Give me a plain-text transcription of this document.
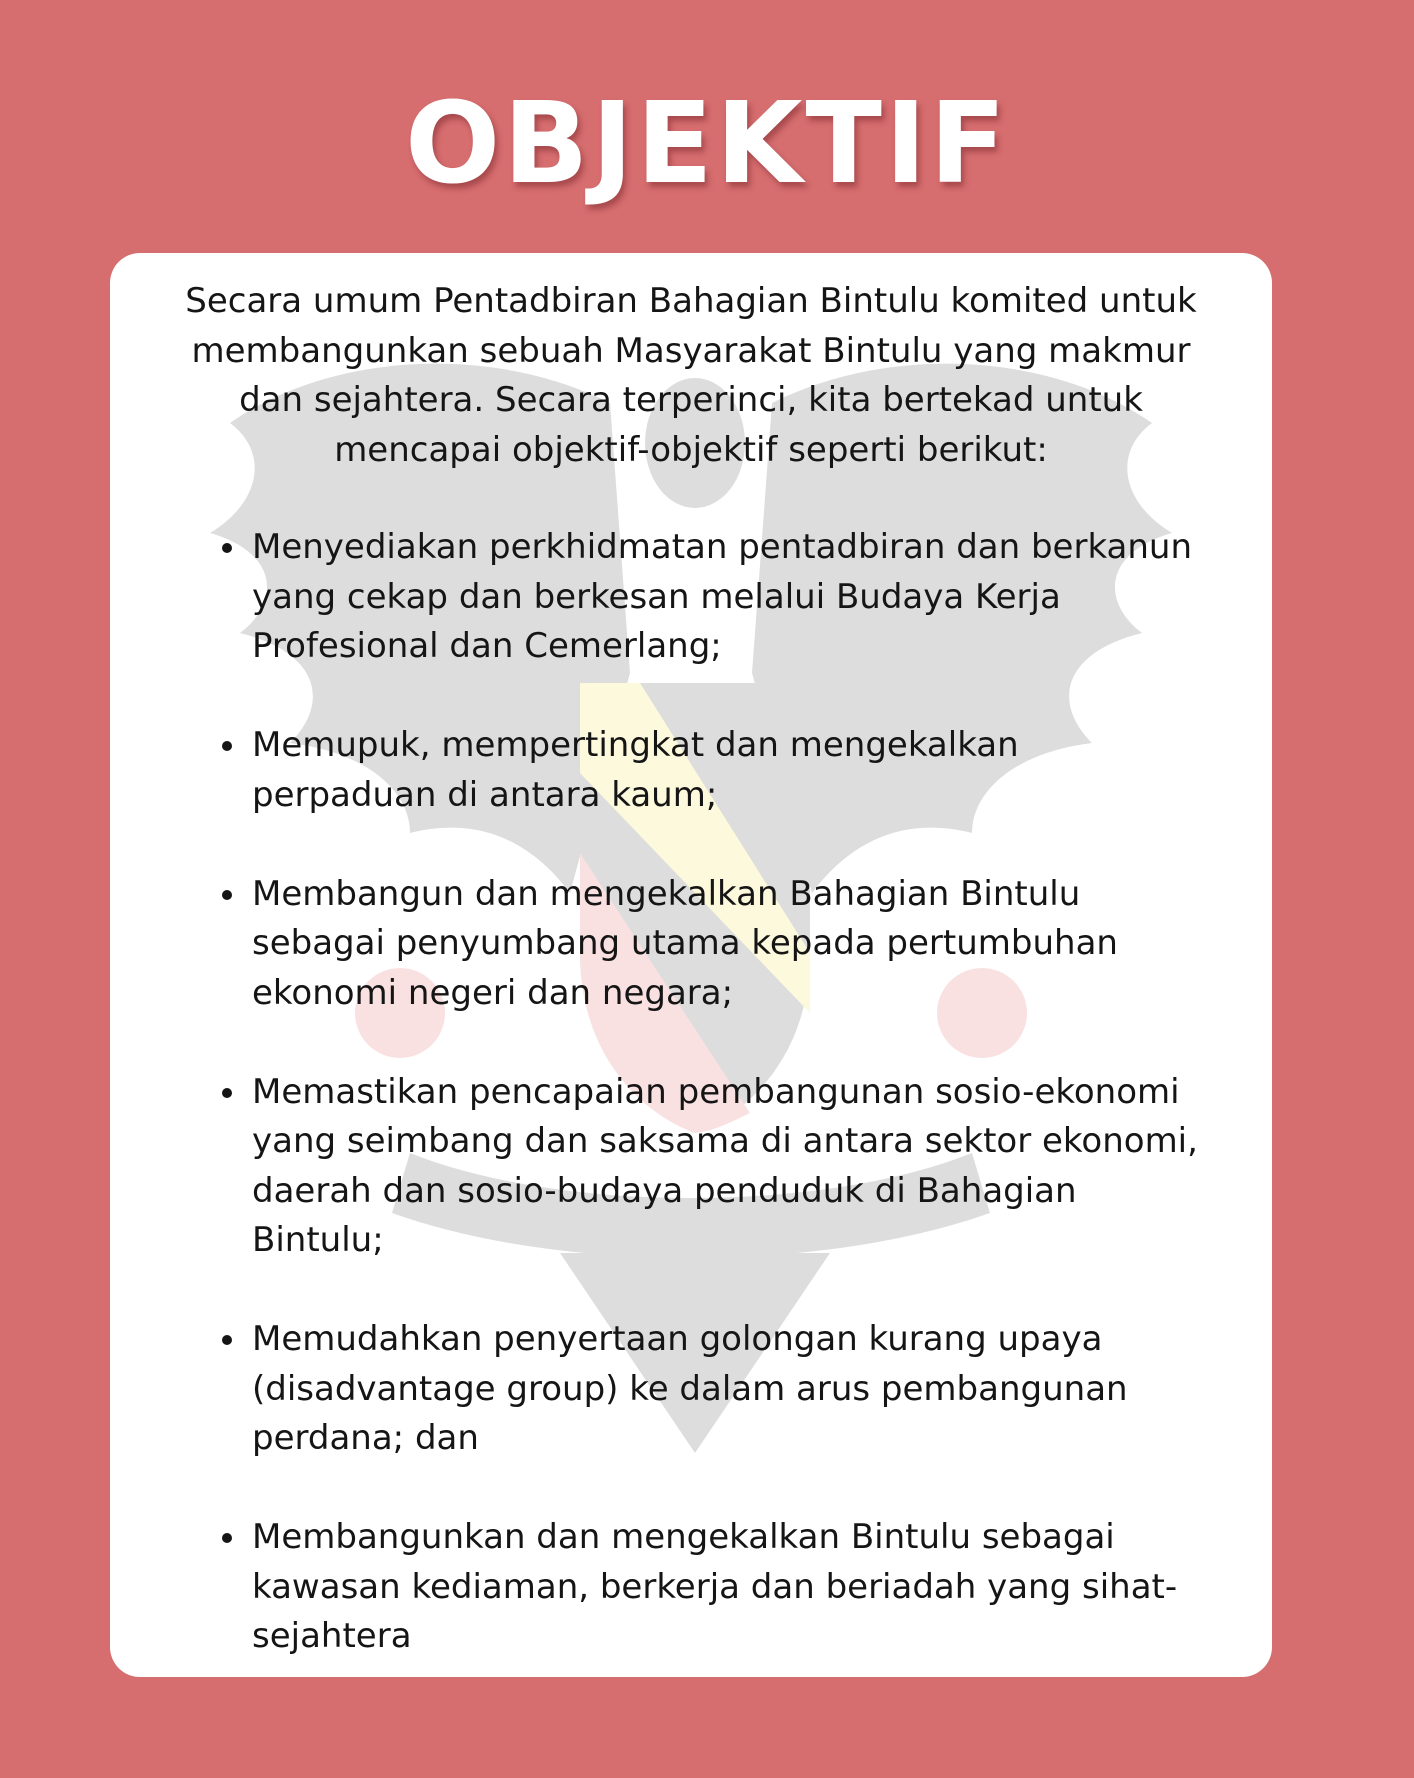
OBJEKTIF

Secara umum Pentadbiran Bahagian Bintulu komited untuk membangunkan sebuah Masyarakat Bintulu yang makmur dan sejahtera. Secara terperinci, kita bertekad untuk mencapai objektif-objektif seperti berikut:

Menyediakan perkhidmatan pentadbiran dan berkanun yang cekap dan berkesan melalui Budaya Kerja Profesional dan Cemerlang;
Memupuk, mempertingkat dan mengekalkan perpaduan di antara kaum;
Membangun dan mengekalkan Bahagian Bintulu sebagai penyumbang utama kepada pertumbuhan ekonomi negeri dan negara;
Memastikan pencapaian pembangunan sosio-ekonomi yang seimbang dan saksama di antara sektor ekonomi, daerah dan sosio-budaya penduduk di Bahagian Bintulu;
Memudahkan penyertaan golongan kurang upaya (disadvantage group) ke dalam arus pembangunan perdana; dan
Membangunkan dan mengekalkan Bintulu sebagai kawasan kediaman, berkerja dan beriadah yang sihat-sejahtera
